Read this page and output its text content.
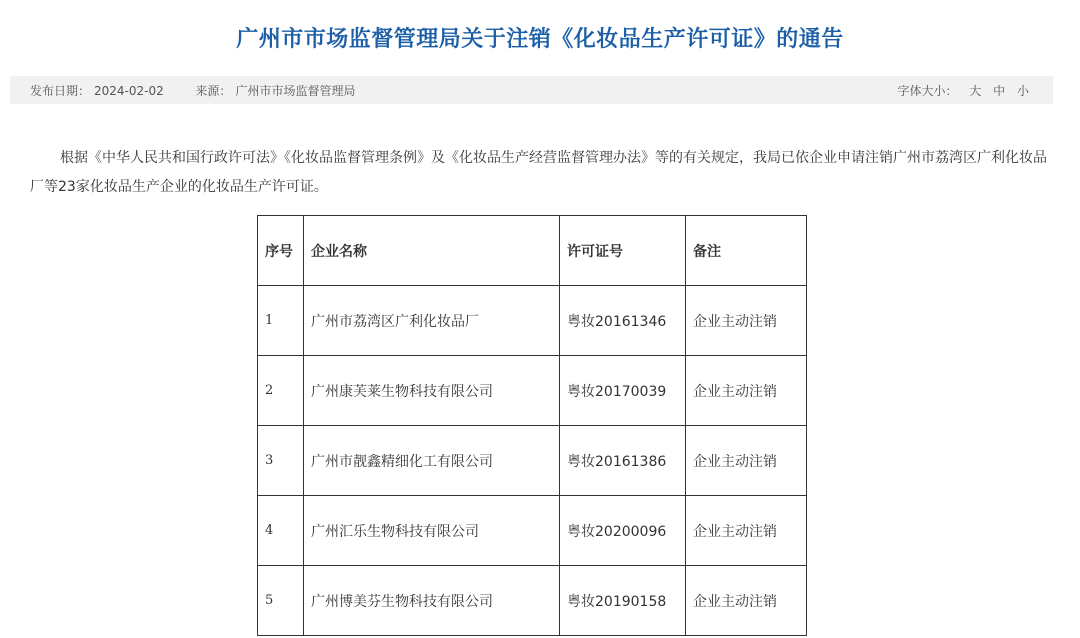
广州市市场监督管理局关于注销《化妆品生产许可证》的通告
发布日期： 2024-02-02	来源： 广州市市场监督管理局	字体大小： 大 中 小

根据《中华人民共和国行政许可法》《化妆品监督管理条例》及《化妆品生产经营监督管理办法》等的有关规定，我局已依企业申请注销广州市荔湾区广利化妆品厂等23家化妆品生产企业的化妆品生产许可证。

序号	企业名称	许可证号	备注
1	广州市荔湾区广利化妆品厂	粤妆20161346	企业主动注销
2	广州康芙莱生物科技有限公司	粤妆20170039	企业主动注销
3	广州市靓鑫精细化工有限公司	粤妆20161386	企业主动注销
4	广州汇乐生物科技有限公司	粤妆20200096	企业主动注销
5	广州博美芬生物科技有限公司	粤妆20190158	企业主动注销
